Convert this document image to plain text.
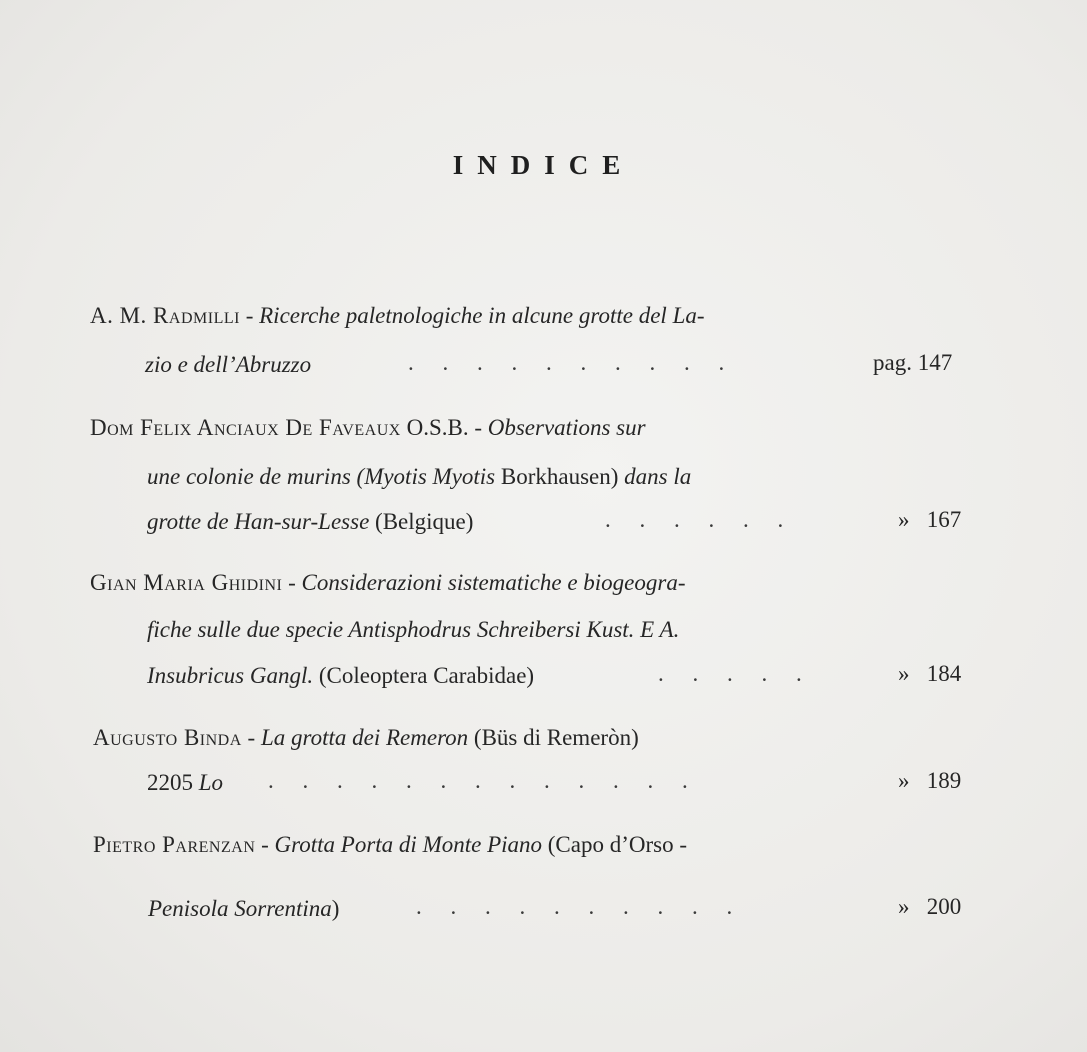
INDICE
A. M. Radmilli - Ricerche paletnologiche in alcune grotte del La-
zio e dell’Abruzzo	.     .     .     .     .     .     .     .     .     .	pag. 147
Dom Felix Anciaux De Faveaux O.S.B. - Observations sur
une colonie de murins (Myotis Myotis Borkhausen) dans la
grotte de Han-sur-Lesse (Belgique)	.     .     .     .     .     .	» 167
Gian Maria Ghidini - Considerazioni sistematiche e biogeogra-
fiche sulle due specie Antisphodrus Schreibersi Kust. E A.
Insubricus Gangl. (Coleoptera Carabidae)	.     .     .     .     .	» 184
Augusto Binda - La grotta dei Remeron (Büs di Remeròn)
2205 Lo .     .     .     .     .     .     .     .     .     .     .     .     .	» 189
Pietro Parenzan - Grotta Porta di Monte Piano (Capo d’Orso -
Penisola Sorrentina)	.     .     .     .     .     .     .     .     .     .	» 200
